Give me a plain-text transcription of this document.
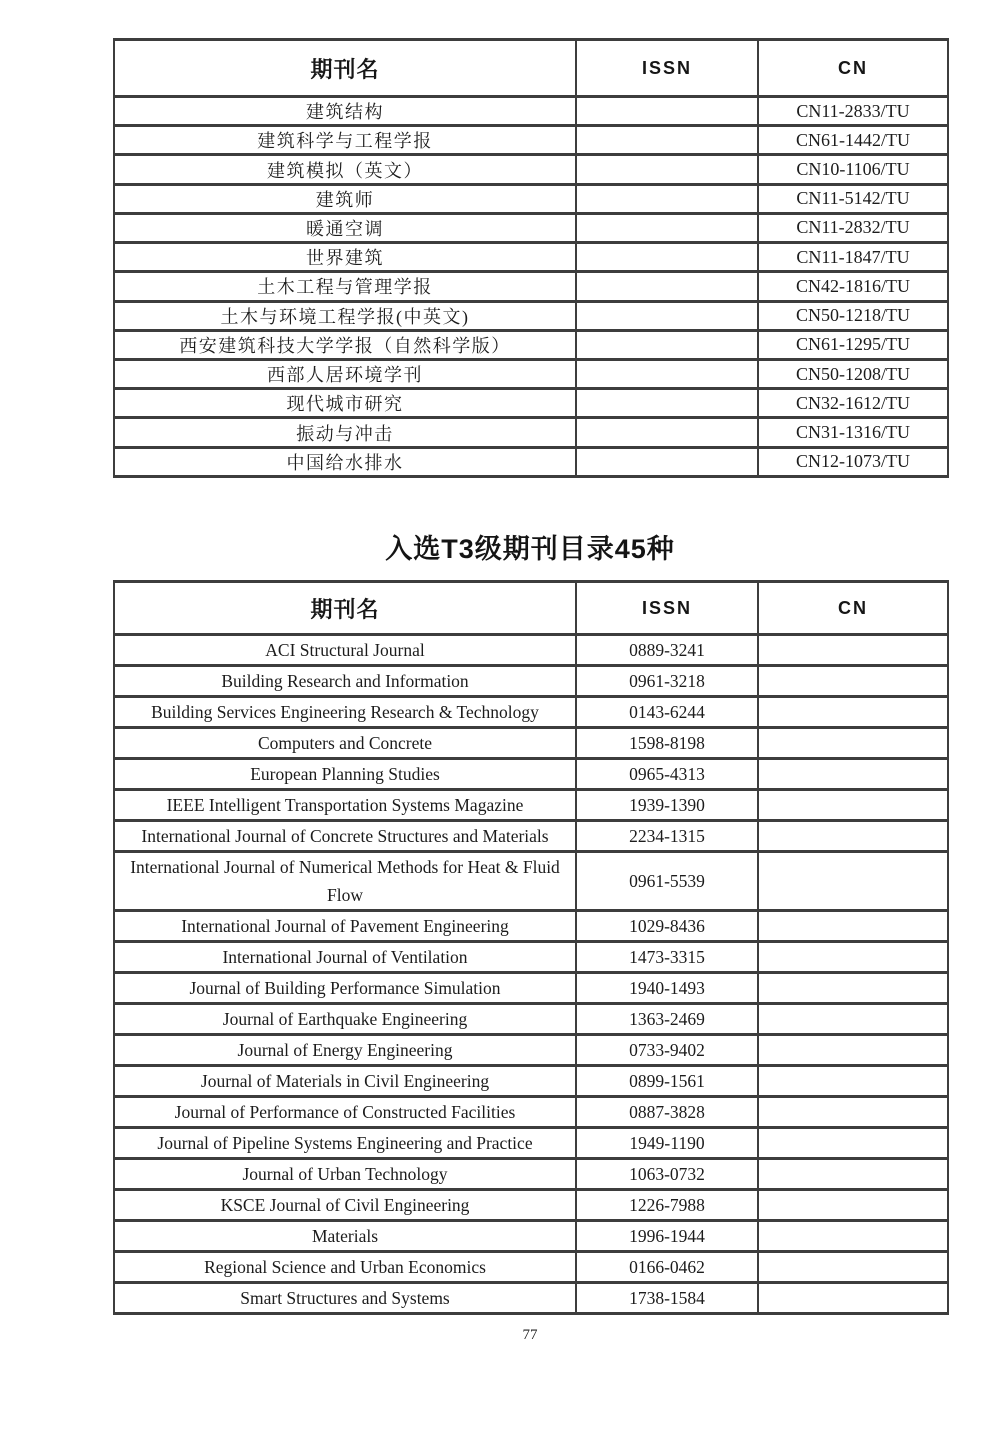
期刊名	ISSN	CN
建筑结构		CN11-2833/TU
建筑科学与工程学报		CN61-1442/TU
建筑模拟（英文）		CN10-1106/TU
建筑师		CN11-5142/TU
暖通空调		CN11-2832/TU
世界建筑		CN11-1847/TU
土木工程与管理学报		CN42-1816/TU
土木与环境工程学报(中英文)		CN50-1218/TU
西安建筑科技大学学报（自然科学版）		CN61-1295/TU
西部人居环境学刊		CN50-1208/TU
现代城市研究		CN32-1612/TU
振动与冲击		CN31-1316/TU
中国给水排水		CN12-1073/TU
入选T3级期刊目录45种
期刊名	ISSN	CN
ACI Structural Journal	0889-3241	
Building Research and Information	0961-3218	
Building Services Engineering Research & Technology	0143-6244	
Computers and Concrete	1598-8198	
European Planning Studies	0965-4313	
IEEE Intelligent Transportation Systems Magazine	1939-1390	
International Journal of Concrete Structures and Materials	2234-1315	
International Journal of Numerical Methods for Heat & Fluid Flow	0961-5539	
International Journal of Pavement Engineering	1029-8436	
International Journal of Ventilation	1473-3315	
Journal of Building Performance Simulation	1940-1493	
Journal of Earthquake Engineering	1363-2469	
Journal of Energy Engineering	0733-9402	
Journal of Materials in Civil Engineering	0899-1561	
Journal of Performance of Constructed Facilities	0887-3828	
Journal of Pipeline Systems Engineering and Practice	1949-1190	
Journal of Urban Technology	1063-0732	
KSCE Journal of Civil Engineering	1226-7988	
Materials	1996-1944	
Regional Science and Urban Economics	0166-0462	
Smart Structures and Systems	1738-1584	
77
